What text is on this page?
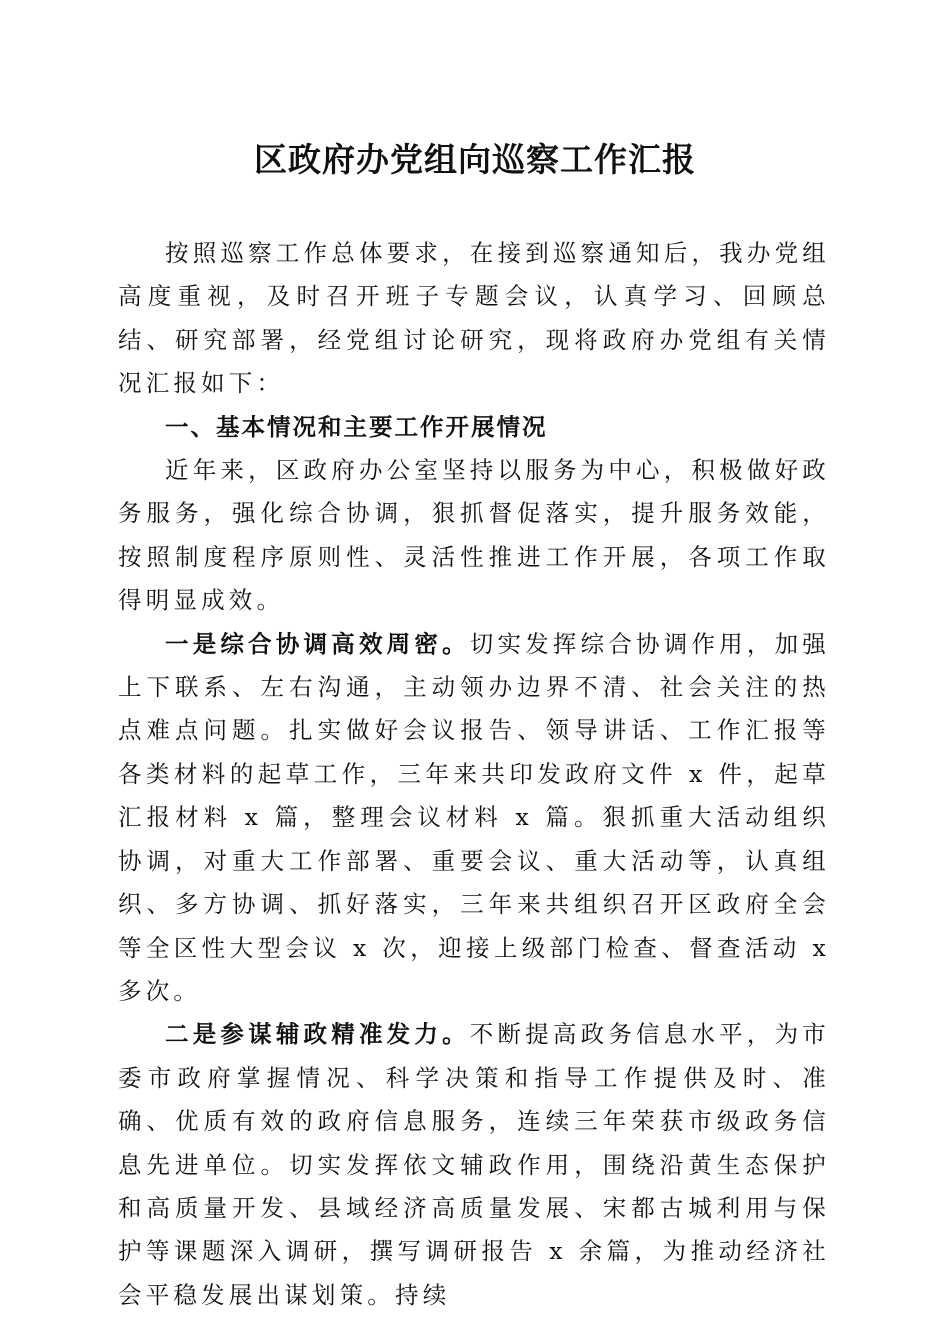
区政府办党组向巡察工作汇报

按照巡察工作总体要求，在接到巡察通知后，我办党组高度重视，及时召开班子专题会议，认真学习、回顾总结、研究部署，经党组讨论研究，现将政府办党组有关情况汇报如下：

一、基本情况和主要工作开展情况

近年来，区政府办公室坚持以服务为中心，积极做好政务服务，强化综合协调，狠抓督促落实，提升服务效能，按照制度程序原则性、灵活性推进工作开展，各项工作取得明显成效。

一是综合协调高效周密。切实发挥综合协调作用，加强上下联系、左右沟通，主动领办边界不清、社会关注的热点难点问题。扎实做好会议报告、领导讲话、工作汇报等各类材料的起草工作，三年来共印发政府文件 x 件，起草汇报材料 x 篇，整理会议材料 x 篇。狠抓重大活动组织协调，对重大工作部署、重要会议、重大活动等，认真组织、多方协调、抓好落实，三年来共组织召开区政府全会等全区性大型会议 x 次，迎接上级部门检查、督查活动 x 多次。

二是参谋辅政精准发力。不断提高政务信息水平，为市委市政府掌握情况、科学决策和指导工作提供及时、准确、优质有效的政府信息服务，连续三年荣获市级政务信息先进单位。切实发挥依文辅政作用，围绕沿黄生态保护和高质量开发、县域经济高质量发展、宋都古城利用与保护等课题深入调研，撰写调研报告 x 余篇，为推动经济社会平稳发展出谋划策。持续
